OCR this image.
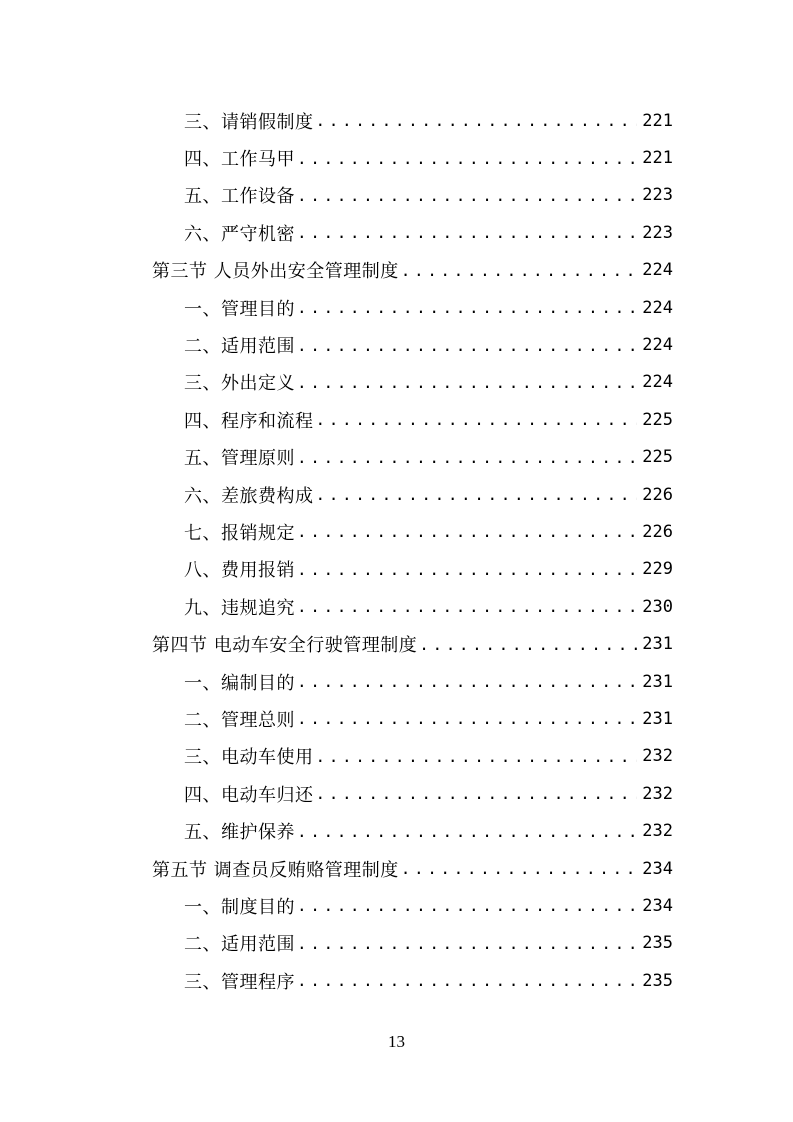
三、请销假制度 .....	221
四、工作马甲 .....	221
五、工作设备 .....	223
六、严守机密 .....	223
第三节 人员外出安全管理制度 .....	224
一、管理目的 .....	224
二、适用范围 .....	224
三、外出定义 .....	224
四、程序和流程 .....	225
五、管理原则 .....	225
六、差旅费构成 .....	226
七、报销规定 .....	226
八、费用报销 .....	229
九、违规追究 .....	230
第四节 电动车安全行驶管理制度 .....	231
一、编制目的 .....	231
二、管理总则 .....	231
三、电动车使用 .....	232
四、电动车归还 .....	232
五、维护保养 .....	232
第五节 调查员反贿赂管理制度 .....	234
一、制度目的 .....	234
二、适用范围 .....	235
三、管理程序 .....	235
13
